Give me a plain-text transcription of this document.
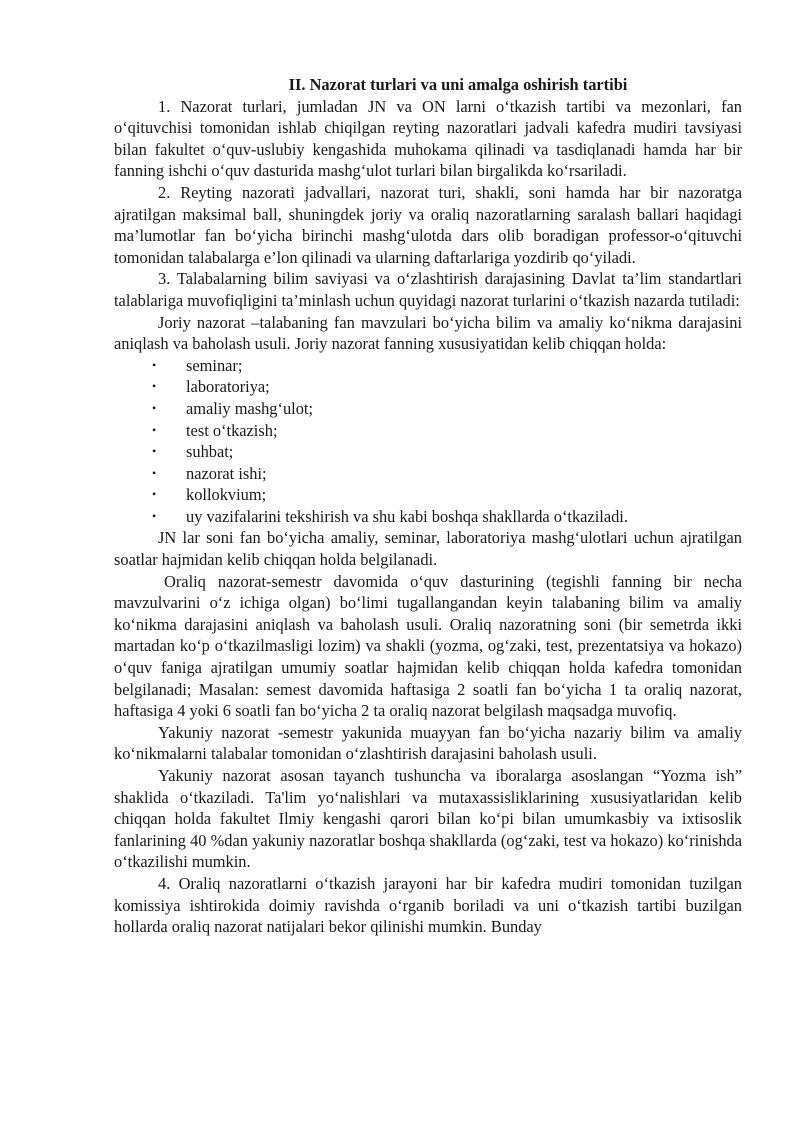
II. Nazorat turlari va uni amalga oshirish tartibi

1. Nazorat turlari, jumladan JN va ON larni o‘tkazish tartibi va mezonlari, fan o‘qituvchisi tomonidan ishlab chiqilgan reyting nazoratlari jadvali kafedra mudiri tavsiyasi bilan fakultet o‘quv-uslubiy kengashida muhokama qilinadi va tasdiqlanadi hamda har bir fanning ishchi o‘quv dasturida mashg‘ulot turlari bilan birgalikda ko‘rsariladi.

2. Reyting nazorati jadvallari, nazorat turi, shakli, soni hamda har bir nazoratga ajratilgan maksimal ball, shuningdek joriy va oraliq nazoratlarning saralash ballari haqidagi ma’lumotlar fan bo‘yicha birinchi mashg‘ulotda dars olib boradigan professor-o‘qituvchi tomonidan talabalarga e’lon qilinadi va ularning daftarlariga yozdirib qo‘yiladi.

3. Talabalarning bilim saviyasi va o‘zlashtirish darajasining Davlat ta’lim standartlari talablariga muvofiqligini ta’minlash uchun quyidagi nazorat turlarini o‘tkazish nazarda tutiladi:

Joriy nazorat –talabaning fan mavzulari bo‘yicha bilim va amaliy ko‘nikma darajasini aniqlash va baholash usuli. Joriy nazorat fanning xususiyatidan kelib chiqqan holda:

• seminar;
• laboratoriya;
• amaliy mashg‘ulot;
• test o‘tkazish;
• suhbat;
• nazorat ishi;
• kollokvium;
• uy vazifalarini tekshirish va shu kabi boshqa shakllarda o‘tkaziladi.

JN lar soni fan bo‘yicha amaliy, seminar, laboratoriya mashg‘ulotlari uchun ajratilgan soatlar hajmidan kelib chiqqan holda belgilanadi.

Oraliq nazorat-semestr davomida o‘quv dasturining (tegishli fanning bir necha mavzulvarini o‘z ichiga olgan) bo‘limi tugallangandan keyin talabaning bilim va amaliy ko‘nikma darajasini aniqlash va baholash usuli. Oraliq nazoratning soni (bir semetrda ikki martadan ko‘p o‘tkazilmasligi lozim) va shakli (yozma, og‘zaki, test, prezentatsiya va hokazo) o‘quv faniga ajratilgan umumiy soatlar hajmidan kelib chiqqan holda kafedra tomonidan belgilanadi; Masalan: semest davomida haftasiga 2 soatli fan bo‘yicha 1 ta oraliq nazorat, haftasiga 4 yoki 6 soatli fan bo‘yicha 2 ta oraliq nazorat belgilash maqsadga muvofiq.

Yakuniy nazorat -semestr yakunida muayyan fan bo‘yicha nazariy bilim va amaliy ko‘nikmalarni talabalar tomonidan o‘zlashtirish darajasini baholash usuli.

Yakuniy nazorat asosan tayanch tushuncha va iboralarga asoslangan “Yozma ish” shaklida o‘tkaziladi. Ta'lim yo‘nalishlari va mutaxassisliklarining xususiyatlaridan kelib chiqqan holda fakultet Ilmiy kengashi qarori bilan ko‘pi bilan umumkasbiy va ixtisoslik fanlarining 40 %dan yakuniy nazoratlar boshqa shakllarda (og‘zaki, test va hokazo) ko‘rinishda o‘tkazilishi mumkin.

4. Oraliq nazoratlarni o‘tkazish jarayoni har bir kafedra mudiri tomonidan tuzilgan komissiya ishtirokida doimiy ravishda o‘rganib boriladi va uni o‘tkazish tartibi buzilgan hollarda oraliq nazorat natijalari bekor qilinishi mumkin. Bunday
